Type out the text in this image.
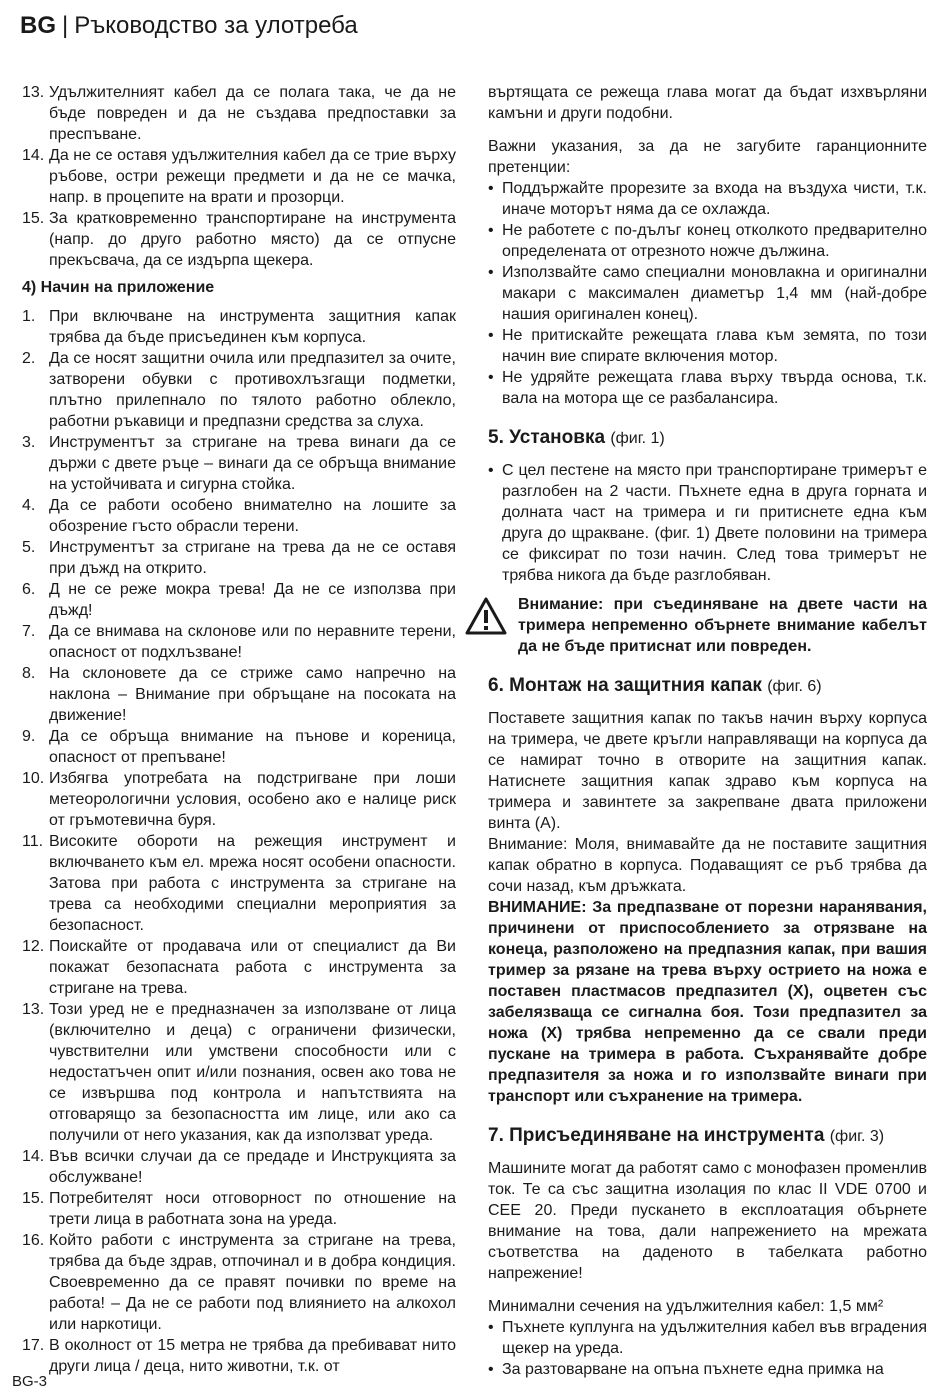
BG | Ръководство за улотреба
13. Удължителният кабел да се полага така, че да не бъде повреден и да не създава предпоставки за преспъване.
14. Да не се оставя удължителния кабел да се трие върху ръбове, остри режещи предмети и да не се мачка, напр. в процепите на врати и прозорци.
15. За кратковременно транспортиране на инструмента (напр. до друго работно място) да се отпусне прекъсвача, да се издърпа щекера.
4) Начин на приложение
1. При включване на инструмента защитния капак трябва да бъде присъединен към корпуса.
2. Да се носят защитни очила или предпазител за очите, затворени обувки с противохлъзгащи подметки, плътно прилепнало по тялото работно облекло, работни ръкавици и предпазни средства за слуха.
3. Инструментът за стригане на трева винаги да се държи с двете ръце – винаги да се обръща внимание на устойчивата и сигурна стойка.
4. Да се работи особено внимателно на лошите за обозрение гъсто обрасли терени.
5. Инструментът за стригане на трева да не се оставя при дъжд на открито.
6. Д не се реже мокра трева! Да не се използва при дъжд!
7. Да се внимава на склонове или по неравните терени, опасност от подхлъзване!
8. На склоновете да се стриже само напречно на наклона – Внимание при обръщане на посоката на движение!
9. Да се обръща внимание на пънове и кореница, опасност от препъване!
10. Избягва употребата на подстригване при лоши метеорологични условия, особено ако е налице риск от гръмотевична буря.
11. Високите обороти на режещия инструмент и включването към ел. мрежа носят особени опасности. Затова при работа с инструмента за стригане на трева са необходими специални мероприятия за безопасност.
12. Поискайте от продавача или от специалист да Ви покажат безопасната работа с инструмента за стригане на трева.
13. Този уред не е предназначен за използване от лица (включително и деца) с ограничени физически, чувствителни или умствени способности или с недостатъчен опит и/или познания, освен ако това не се извършва под контрола и напътствията на отговарящо за безопасността им лице, или ако са получили от него указания, как да използват уреда.
14. Във всички случаи да се предаде и Инструкцията за обслужване!
15. Потребителят носи отговорност по отношение на трети лица в работната зона на уреда.
16. Който работи с инструмента за стригане на трева, трябва да бъде здрав, отпочинал и в добра кондиция. Своевременно да се правят почивки по време на работа! – Да не се работи под влиянието на алкохол или наркотици.
17. В околност от 15 метра не трябва да пребивават нито други лица / деца, нито животни, т.к. от

въртящата се режеща глава могат да бъдат изхвърляни камъни и други подобни.

Важни указания, за да не загубите гаранционните претенции:

• Поддържайте прорезите за входа на въздуха чисти, т.к. иначе моторът няма да се охлажда.
• Не работете с по-дълъг конец отколкото предварително определената от отрезното ножче дължина.
• Използвайте само специални моновлакна и оригинални макари с максимален диаметър 1,4 мм (най-добре нашия оригинален конец).
• Не притискайте режещата глава към земята, по този начин вие спирате включения мотор.
• Не удряйте режещата глава върху твърда основа, т.к. вала на мотора ще се разбалансира.
5. Установка (фиг. 1)
• С цел пестене на място при транспортиране тримерът е разглобен на 2 части. Пъхнете една в друга горната и долната част на тримера и ги притиснете една към друга до щракване. (фиг. 1) Двете половини на тримера се фиксират по този начин. След това тримерът не трябва никога да бъде разглобяван.
Внимание: при съединяване на двете части на тримера непременно обърнете внимание кабелът да не бъде притиснат или повреден.
6. Монтаж на защитния капак (фиг. 6)

Поставете защитния капак по такъв начин върху корпуса на тримера, че двете кръгли направляващи на корпуса да се намират точно в отворите на защитния капак. Натиснете защитния капак здраво към корпуса на тримера и завинтете за закрепване двата приложени винта (А).

Внимание: Моля, внимавайте да не поставите защитния капак обратно в корпуса. Подаващият се ръб трябва да сочи назад, към дръжката.

ВНИМАНИЕ: За предпазване от порезни наранявания, причинени от приспособлението за отрязване на конеца, разположено на предпазния капак, при вашия тример за рязане на трева върху острието на ножа е поставен пластмасов предпазител (Х), оцветен със забелязваща се сигнална боя. Този предпазител за ножа (Х) трябва непременно да се свали преди пускане на тримера в работа. Съхранявайте добре предпазителя за ножа и го използвайте винаги при транспорт или съхранение на тримера.

7. Присъединяване на инструмента (фиг. 3)

Машините могат да работят само с монофазен променлив ток. Те са със защитна изолация по клас II VDE 0700 и CEE 20. Преди пускането в експлоатация обърнете внимание на това, дали напрежението на мрежата съответства на даденото в табелката работно напрежение!

Минимални сечения на удължителния кабел: 1,5 мм²

• Пъхнете куплунга на удължителния кабел във вградения щекер на уреда.
• За разтоварване на опъна пъхнете една примка на
BG-3
